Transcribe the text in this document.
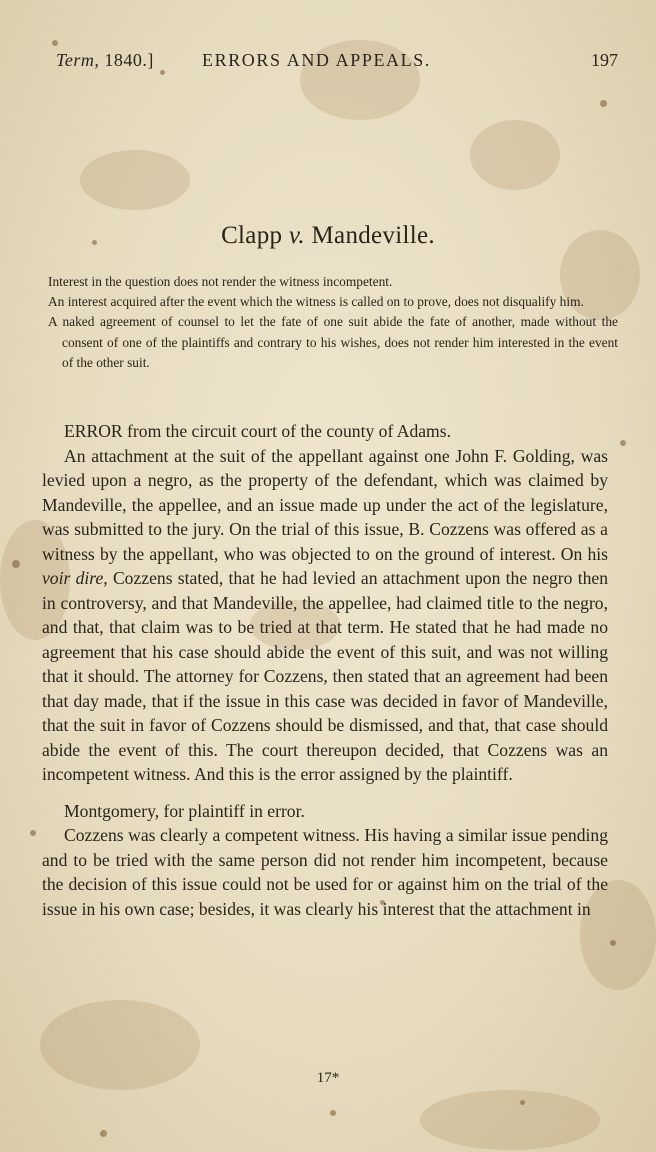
Term, 1840.]	ERRORS AND APPEALS.	197
Clapp v. Mandeville.

Interest in the question does not render the witness incompetent.

An interest acquired after the event which the witness is called on to prove, does not disqualify him.

A naked agreement of counsel to let the fate of one suit abide the fate of another, made without the consent of one of the plaintiffs and contrary to his wishes, does not render him interested in the event of the other suit.

ERROR from the circuit court of the county of Adams.

An attachment at the suit of the appellant against one John F. Golding, was levied upon a negro, as the property of the defendant, which was claimed by Mandeville, the appellee, and an issue made up under the act of the legislature, was submitted to the jury. On the trial of this issue, B. Cozzens was offered as a witness by the appellant, who was objected to on the ground of interest. On his voir dire, Cozzens stated, that he had levied an attachment upon the negro then in controversy, and that Mandeville, the appellee, had claimed title to the negro, and that, that claim was to be tried at that term. He stated that he had made no agreement that his case should abide the event of this suit, and was not willing that it should. The attorney for Cozzens, then stated that an agreement had been that day made, that if the issue in this case was decided in favor of Mandeville, that the suit in favor of Cozzens should be dismissed, and that, that case should abide the event of this. The court thereupon decided, that Cozzens was an incompetent witness. And this is the error assigned by the plaintiff.

Montgomery, for plaintiff in error.

Cozzens was clearly a competent witness. His having a similar issue pending and to be tried with the same person did not render him incompetent, because the decision of this issue could not be used for or against him on the trial of the issue in his own case; besides, it was clearly his interest that the attachment in

17*
